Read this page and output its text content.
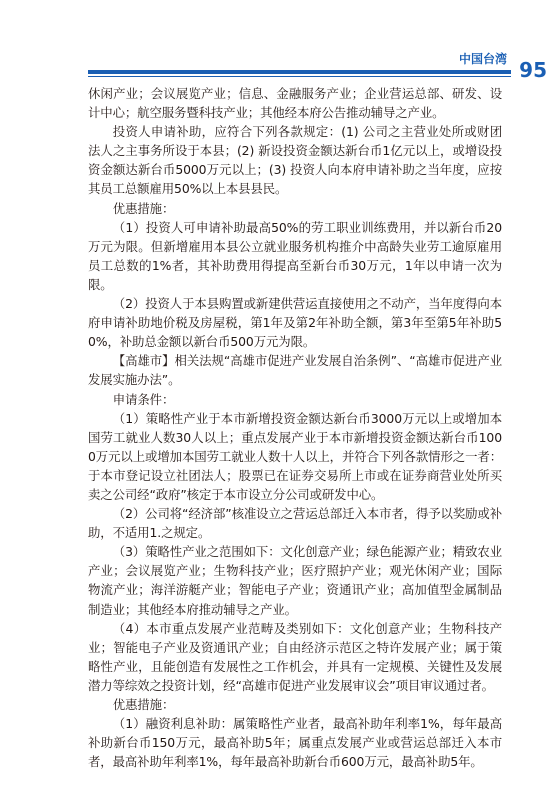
中国台湾 95

休闲产业；会议展览产业；信息、金融服务产业；企业营运总部、研发、设计中心；航空服务暨科技产业；其他经本府公告推动辅导之产业。

投资人申请补助，应符合下列各款规定：(1) 公司之主营业处所或财团法人之主事务所设于本县；(2) 新设投资金额达新台币1亿元以上，或增设投资金额达新台币5000万元以上；(3) 投资人向本府申请补助之当年度，应按其员工总额雇用50%以上本县县民。

优惠措施：

（1）投资人可申请补助最高50%的劳工职业训练费用，并以新台币20万元为限。但新增雇用本县公立就业服务机构推介中高龄失业劳工逾原雇用员工总数的1%者，其补助费用得提高至新台币30万元，1年以申请一次为限。

（2）投资人于本县购置或新建供营运直接使用之不动产，当年度得向本府申请补助地价税及房屋税，第1年及第2年补助全额，第3年至第5年补助50%，补助总金额以新台币500万元为限。

【高雄市】相关法规“高雄市促进产业发展自治条例”、“高雄市促进产业发展实施办法”。

申请条件：

（1）策略性产业于本市新增投资金额达新台币3000万元以上或增加本国劳工就业人数30人以上；重点发展产业于本市新增投资金额达新台币1000万元以上或增加本国劳工就业人数十人以上，并符合下列各款情形之一者：于本市登记设立社团法人；股票已在证券交易所上市或在证券商营业处所买卖之公司经“政府”核定于本市设立分公司或研发中心。

（2）公司将“经济部”核准设立之营运总部迁入本市者，得予以奖励或补助，不适用1.之规定。

（3）策略性产业之范围如下：文化创意产业；绿色能源产业；精致农业产业；会议展览产业；生物科技产业；医疗照护产业；观光休闲产业；国际物流产业；海洋游艇产业；智能电子产业；资通讯产业；高加值型金属制品制造业；其他经本府推动辅导之产业。

（4）本市重点发展产业范畴及类别如下：文化创意产业；生物科技产业；智能电子产业及资通讯产业；自由经济示范区之特许发展产业；属于策略性产业，且能创造有发展性之工作机会，并具有一定规模、关键性及发展潜力等综效之投资计划，经“高雄市促进产业发展审议会”项目审议通过者。

优惠措施：

（1）融资利息补助：属策略性产业者，最高补助年利率1%，每年最高补助新台币150万元，最高补助5年；属重点发展产业或营运总部迁入本市者，最高补助年利率1%，每年最高补助新台币600万元，最高补助5年。
